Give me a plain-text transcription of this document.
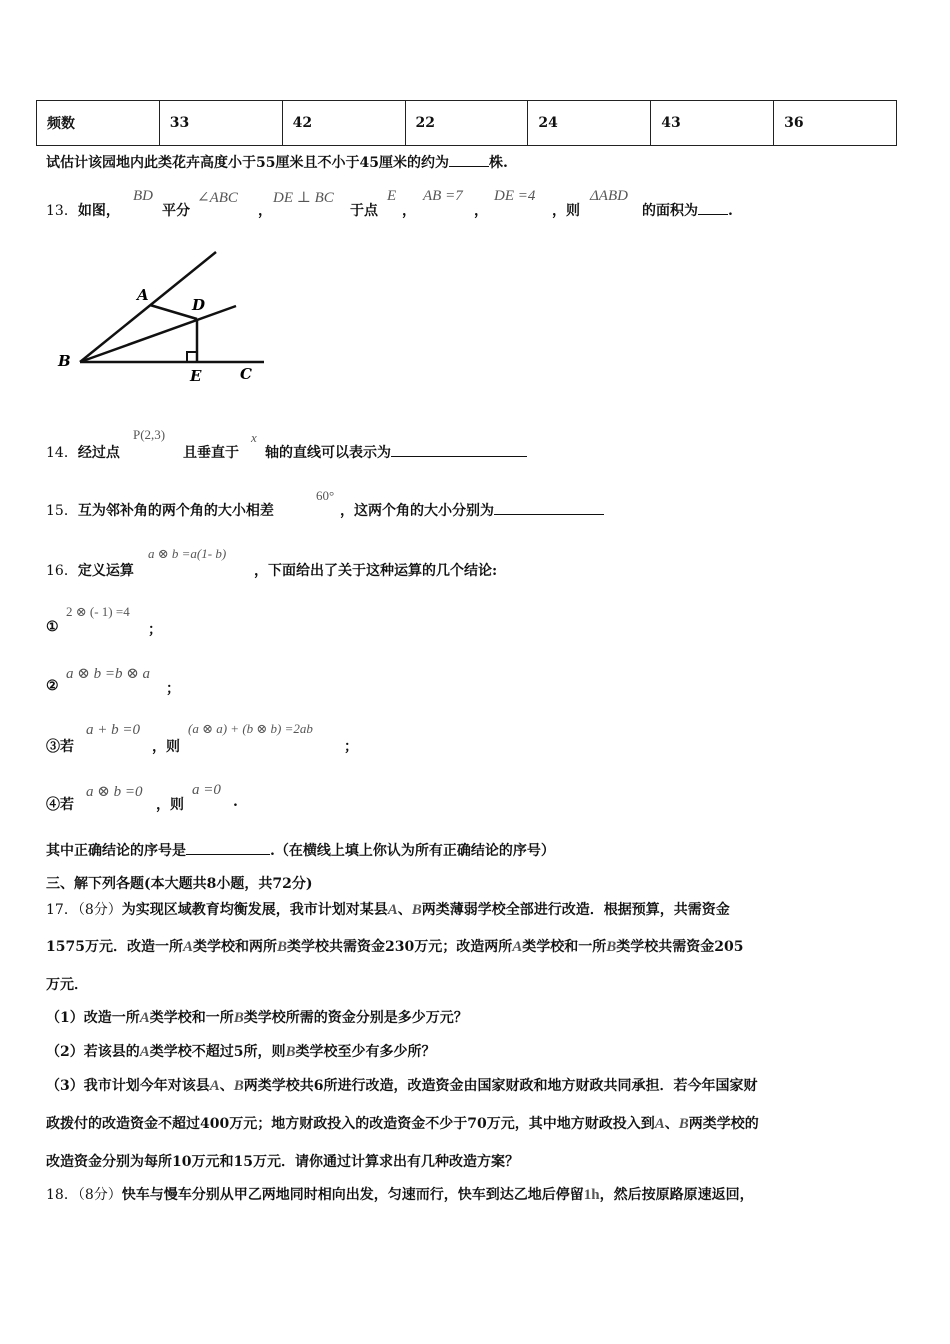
频数	33	42	22	24	43	36
试估计该园地内此类花卉高度小于55厘米且不小于45厘米的约为	株.
13．如图，
BD
平分
∠ABC
，
DE ⊥ BC
于点
E
，
AB =7
，
DE =4
，则
ΔABD
的面积为 .
A
D
B
E	C
14．经过点
P(2,3)
且垂直于
x
轴的直线可以表示为
15．互为邻补角的两个角的大小相差
60°
，这两个角的大小分别为
16．定义运算
a ⊗ b =a(1- b)
，下面给出了关于这种运算的几个结论:
①
2 ⊗ (- 1) =4
；
②
a ⊗ b =b ⊗ a
；
③若
a + b =0
，则
(a ⊗ a) + (b ⊗ b) =2ab
；
④若
a ⊗ b =0
，则
a =0
.
其中正确结论的序号是	.（在横线上填上你认为所有正确结论的序号）
三、解下列各题(本大题共8小题，共72分)
17．（8分）为实现区域教育均衡发展，我市计划对某县A、B两类薄弱学校全部进行改造．根据预算，共需资金
1575万元．改造一所A类学校和两所B类学校共需资金230万元；改造两所A类学校和一所B类学校共需资金205
万元．
（1）改造一所A类学校和一所B类学校所需的资金分别是多少万元？
（2）若该县的A类学校不超过5所，则B类学校至少有多少所？
（3）我市计划今年对该县A、B两类学校共6所进行改造，改造资金由国家财政和地方财政共同承担．若今年国家财
政拨付的改造资金不超过400万元；地方财政投入的改造资金不少于70万元，其中地方财政投入到A、B两类学校的
改造资金分别为每所10万元和15万元．请你通过计算求出有几种改造方案？
18．（8分）快车与慢车分别从甲乙两地同时相向出发，匀速而行，快车到达乙地后停留1h，然后按原路原速返回，
